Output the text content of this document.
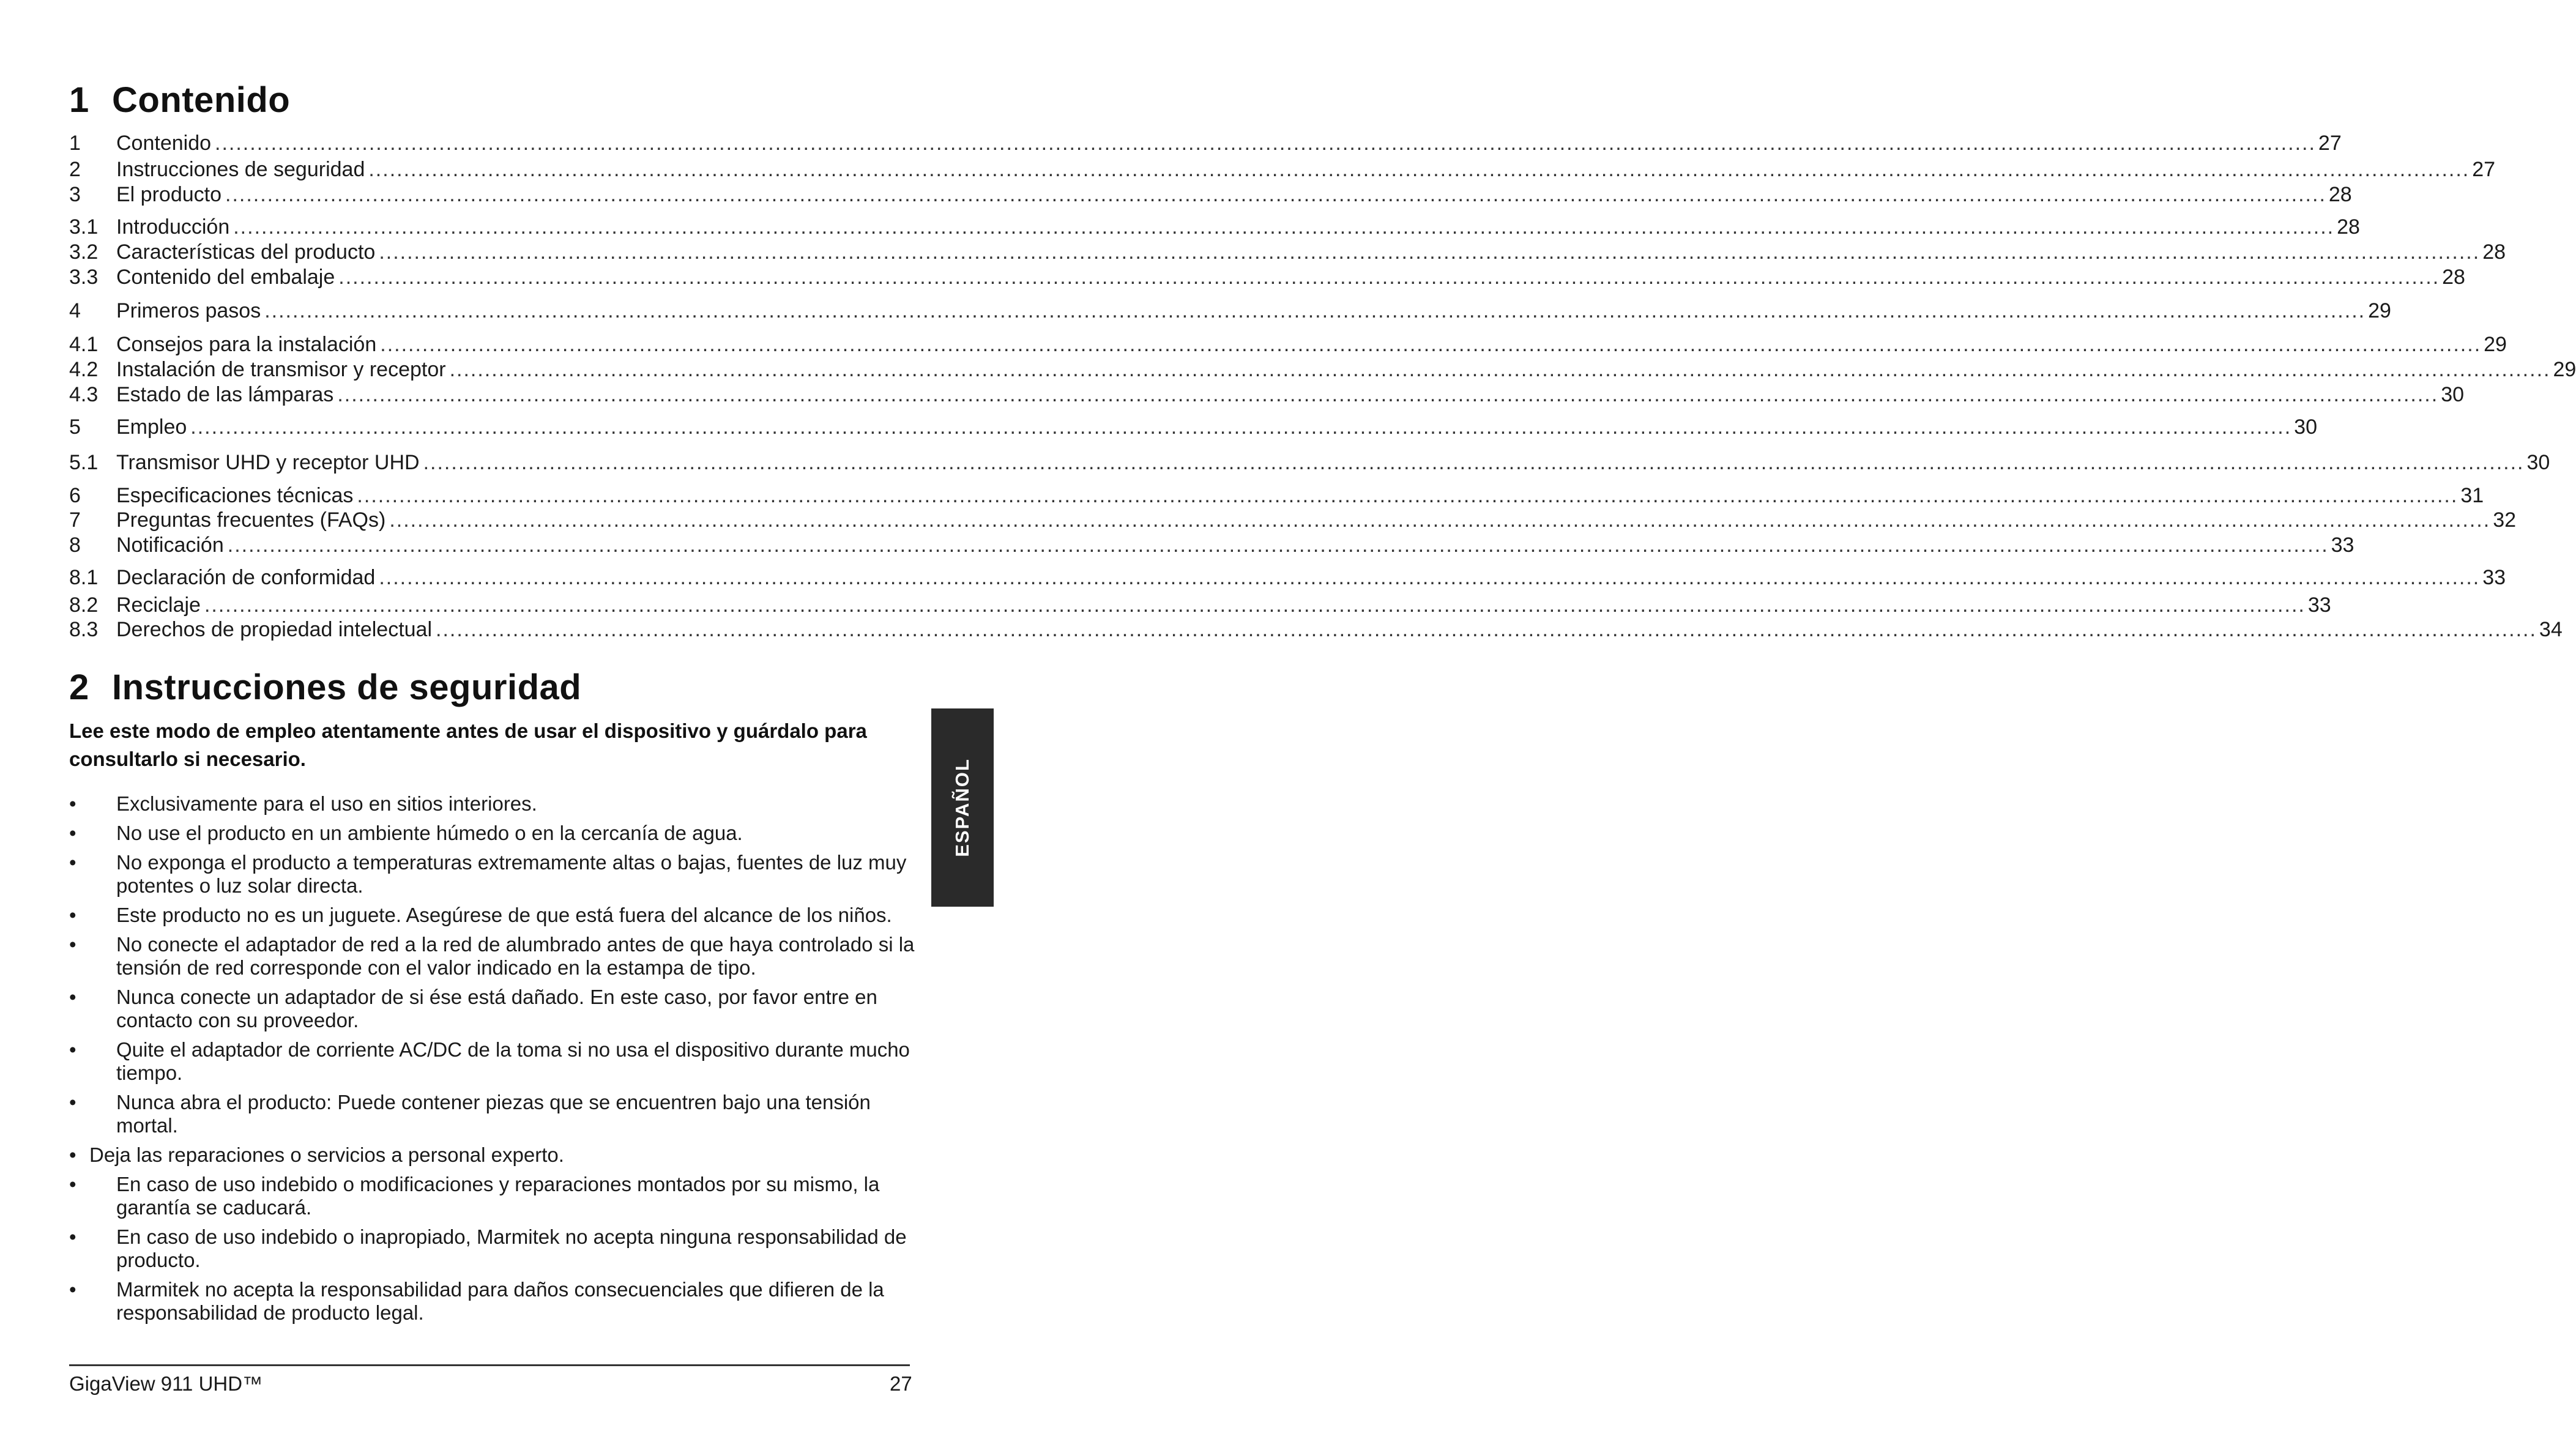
1 Contenido
1	Contenido ............................................................................................................................................................................................................................................................................................................ 27
2	Instrucciones de seguridad ............................................................................................................................................................................................................................................................................................................ 27
3	El producto ............................................................................................................................................................................................................................................................................................................ 28
3.1 Introducción ............................................................................................................................................................................................................................................................................................................ 28
3.2 Características del producto ............................................................................................................................................................................................................................................................................................................ 28
3.3 Contenido del embalaje ............................................................................................................................................................................................................................................................................................................ 28
4	Primeros pasos ............................................................................................................................................................................................................................................................................................................ 29
4.1 Consejos para la instalación ............................................................................................................................................................................................................................................................................................................ 29
4.2 Instalación de transmisor y receptor ............................................................................................................................................................................................................................................................................................................ 29
4.3 Estado de las lámparas ............................................................................................................................................................................................................................................................................................................ 30
5	Empleo ............................................................................................................................................................................................................................................................................................................ 30
5.1 Transmisor UHD y receptor UHD ............................................................................................................................................................................................................................................................................................................ 30
6	Especificaciones técnicas ............................................................................................................................................................................................................................................................................................................ 31
7	Preguntas frecuentes (FAQs) ............................................................................................................................................................................................................................................................................................................ 32
8	Notificación ............................................................................................................................................................................................................................................................................................................ 33
8.1 Declaración de conformidad ............................................................................................................................................................................................................................................................................................................ 33
8.2 Reciclaje ............................................................................................................................................................................................................................................................................................................ 33
8.3 Derechos de propiedad intelectual ............................................................................................................................................................................................................................................................................................................ 34
2 Instrucciones de seguridad

Lee este modo de empleo atentamente antes de usar el dispositivo y guárdalo para consultarlo si necesario.

• Exclusivamente para el uso en sitios interiores.
• No use el producto en un ambiente húmedo o en la cercanía de agua.
• No exponga el producto a temperaturas extremamente altas o bajas, fuentes de luz muy potentes o luz solar directa.
• Este producto no es un juguete. Asegúrese de que está fuera del alcance de los niños.
• No conecte el adaptador de red a la red de alumbrado antes de que haya controlado si la tensión de red corresponde con el valor indicado en la estampa de tipo.
• Nunca conecte un adaptador de si ése está dañado. En este caso, por favor entre en contacto con su proveedor.
• Quite el adaptador de corriente AC/DC de la toma si no usa el dispositivo durante mucho tiempo.
• Nunca abra el producto: Puede contener piezas que se encuentren bajo una tensión mortal.
• Deja las reparaciones o servicios a personal experto.
• En caso de uso indebido o modificaciones y reparaciones montados por su mismo, la garantía se caducará.
• En caso de uso indebido o inapropiado, Marmitek no acepta ninguna responsabilidad de producto.
• Marmitek no acepta la responsabilidad para daños consecuenciales que difieren de la responsabilidad de producto legal.
ESPAÑOL
GigaView 911 UHD™	27
